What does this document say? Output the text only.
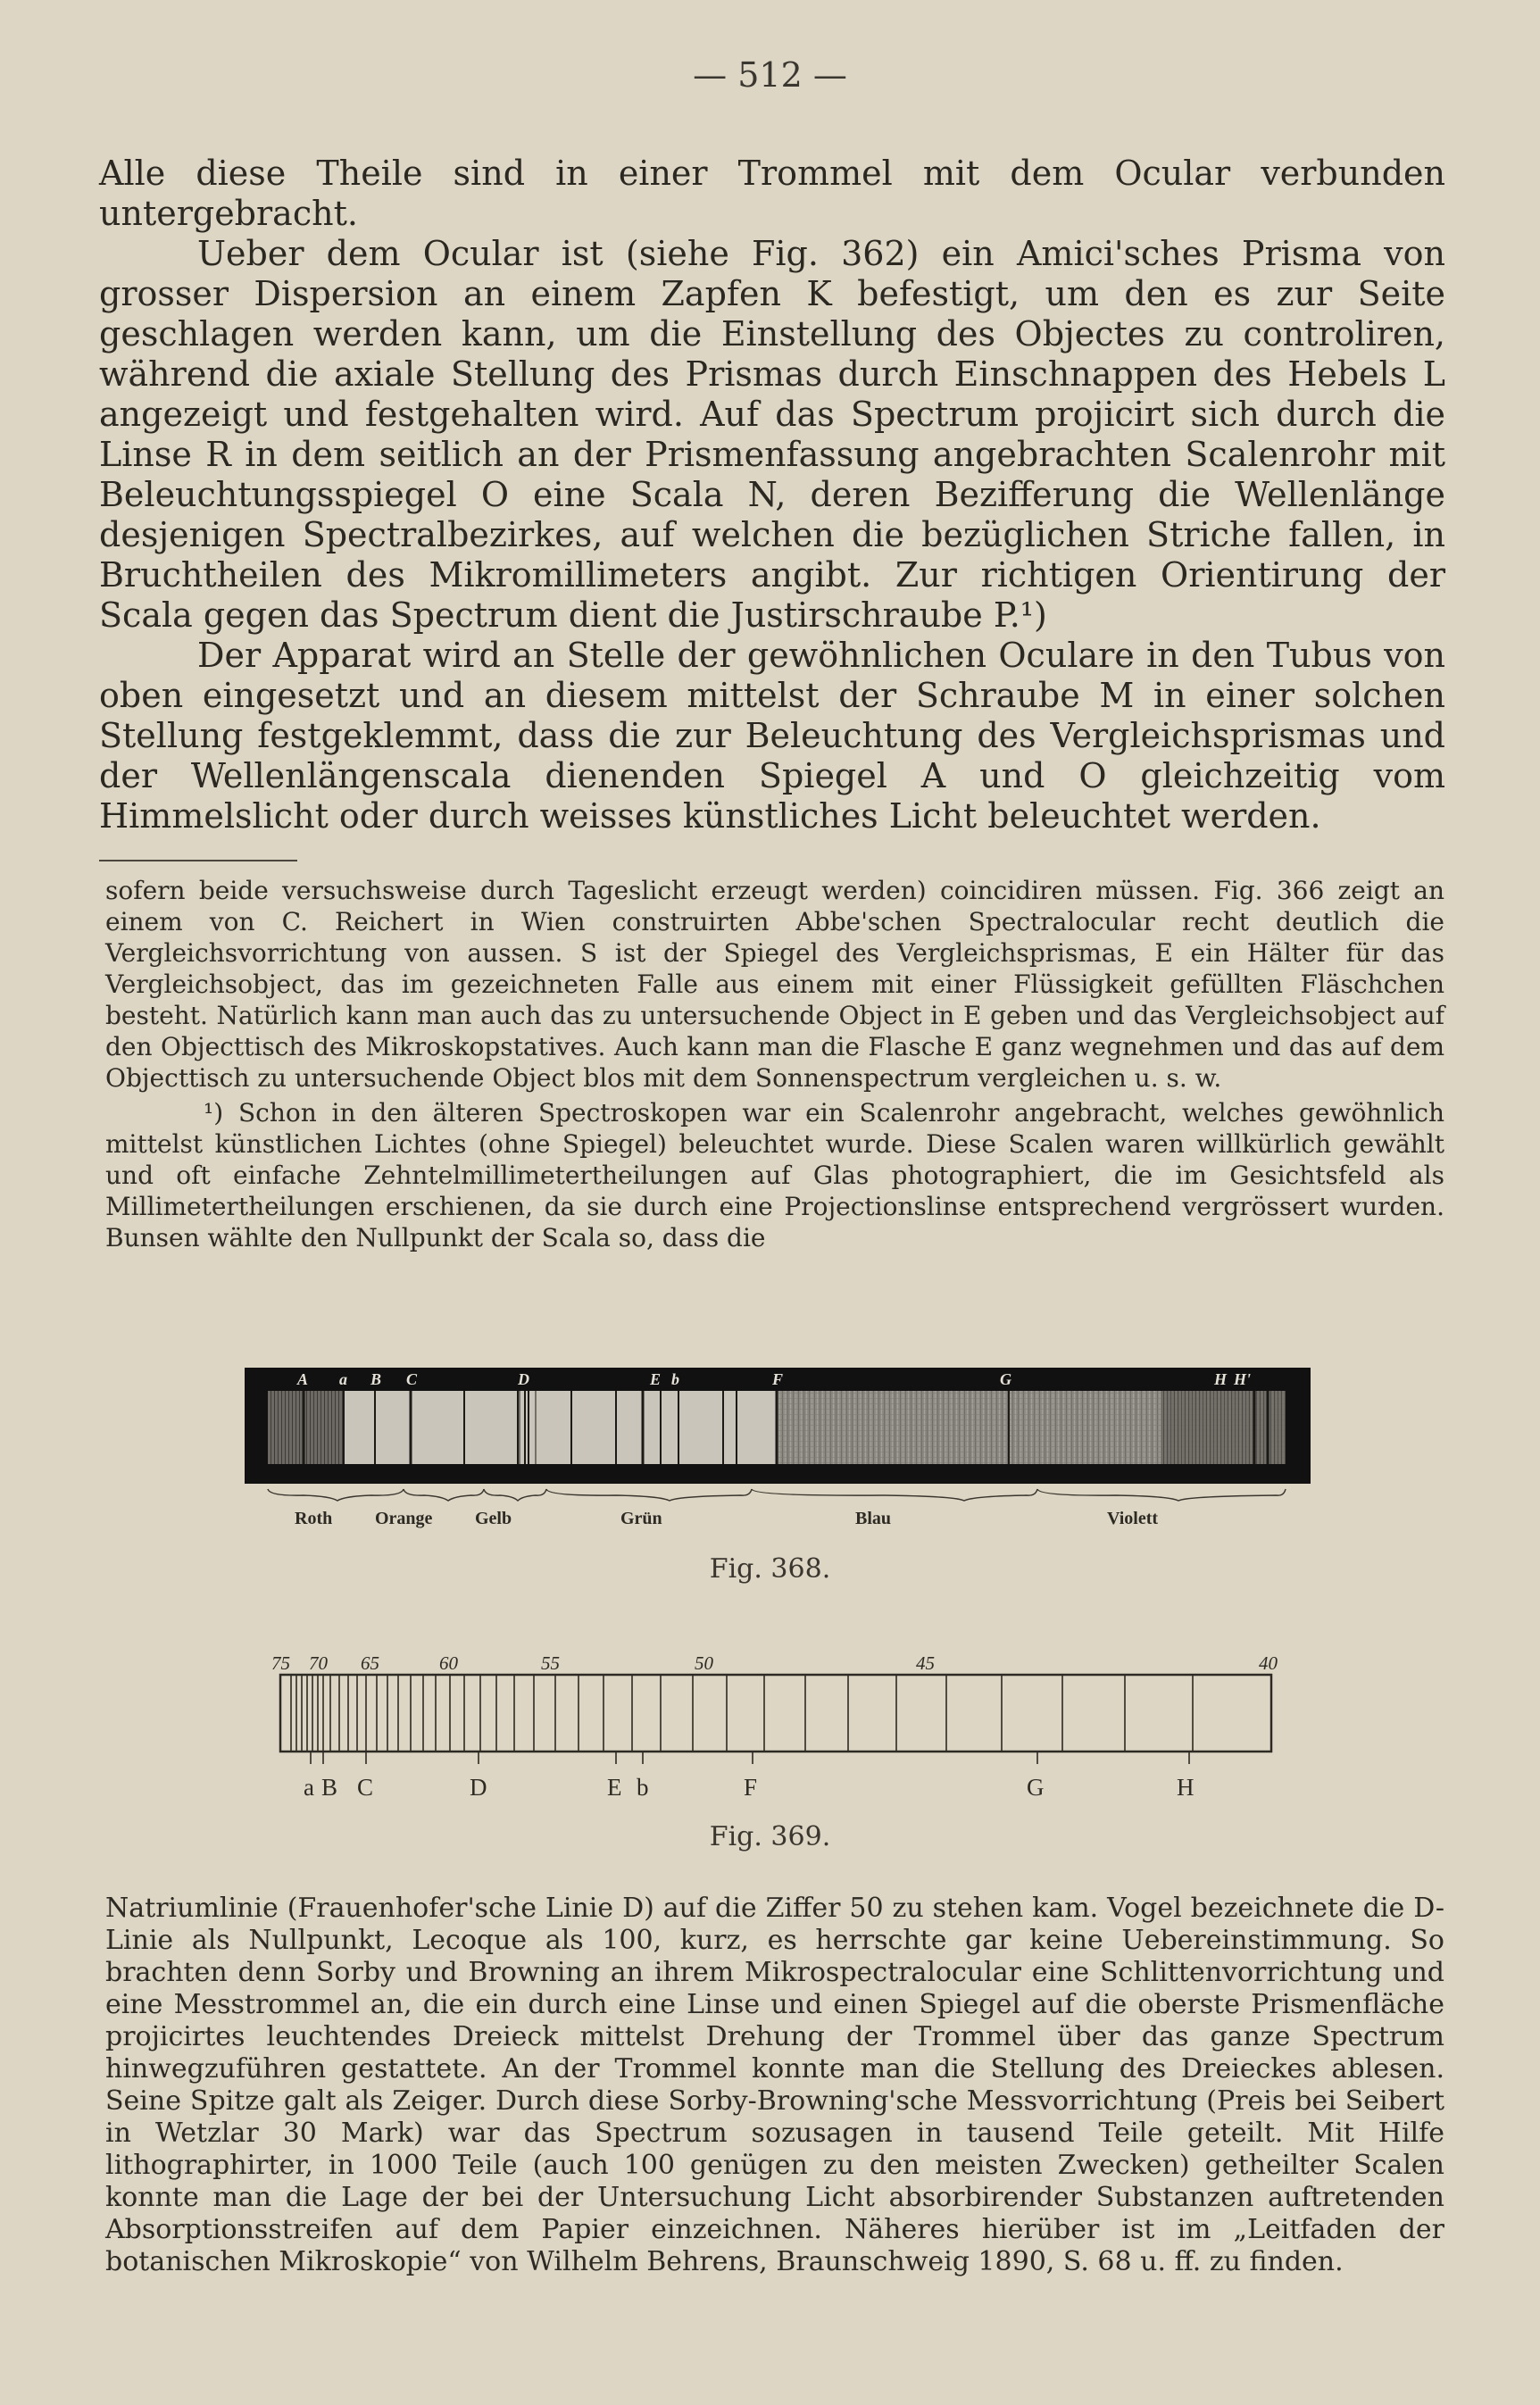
— 512 —

Alle diese Theile sind in einer Trommel mit dem Ocular verbunden untergebracht.

Ueber dem Ocular ist (siehe Fig. 362) ein Amici'sches Prisma von grosser Dispersion an einem Zapfen K befestigt, um den es zur Seite geschlagen werden kann, um die Einstellung des Objectes zu controliren, während die axiale Stellung des Prismas durch Einschnappen des Hebels L angezeigt und festgehalten wird. Auf das Spectrum projicirt sich durch die Linse R in dem seitlich an der Prismenfassung angebrachten Scalenrohr mit Beleuchtungsspiegel O eine Scala N, deren Bezifferung die Wellenlänge desjenigen Spectralbezirkes, auf welchen die bezüglichen Striche fallen, in Bruchtheilen des Mikromillimeters angibt. Zur richtigen Orientirung der Scala gegen das Spectrum dient die Justirschraube P.¹)

Der Apparat wird an Stelle der gewöhnlichen Oculare in den Tubus von oben eingesetzt und an diesem mittelst der Schraube M in einer solchen Stellung festgeklemmt, dass die zur Beleuchtung des Vergleichsprismas und der Wellenlängenscala dienenden Spiegel A und O gleichzeitig vom Himmelslicht oder durch weisses künstliches Licht beleuchtet werden.

sofern beide versuchsweise durch Tageslicht erzeugt werden) coincidiren müssen. Fig. 366 zeigt an einem von C. Reichert in Wien construirten Abbe'schen Spectralocular recht deutlich die Vergleichsvorrichtung von aussen. S ist der Spiegel des Vergleichsprismas, E ein Hälter für das Vergleichsobject, das im gezeichneten Falle aus einem mit einer Flüssigkeit gefüllten Fläschchen besteht. Natürlich kann man auch das zu untersuchende Object in E geben und das Vergleichsobject auf den Objecttisch des Mikroskopstatives. Auch kann man die Flasche E ganz wegnehmen und das auf dem Objecttisch zu untersuchende Object blos mit dem Sonnenspectrum vergleichen u. s. w.

¹) Schon in den älteren Spectroskopen war ein Scalenrohr angebracht, welches gewöhnlich mittelst künstlichen Lichtes (ohne Spiegel) beleuchtet wurde. Diese Scalen waren willkürlich gewählt und oft einfache Zehntelmillimetertheilungen auf Glas photographiert, die im Gesichtsfeld als Millimetertheilungen erschienen, da sie durch eine Projectionslinse entsprechend vergrössert wurden. Bunsen wählte den Nullpunkt der Scala so, dass die

A a B C	D	E b	F	G	H H'
Roth Orange Gelb	Grün	Blau	Violett
Fig. 368.
75 70 65	60	55	50	45	40
a B C	D	E b	F	G	H
Fig. 369.

Natriumlinie (Frauenhofer'sche Linie D) auf die Ziffer 50 zu stehen kam. Vogel bezeichnete die D-Linie als Nullpunkt, Lecoque als 100, kurz, es herrschte gar keine Uebereinstimmung. So brachten denn Sorby und Browning an ihrem Mikrospectralocular eine Schlittenvorrichtung und eine Messtrommel an, die ein durch eine Linse und einen Spiegel auf die oberste Prismenfläche projicirtes leuchtendes Dreieck mittelst Drehung der Trommel über das ganze Spectrum hinwegzuführen gestattete. An der Trommel konnte man die Stellung des Dreieckes ablesen. Seine Spitze galt als Zeiger. Durch diese Sorby-Browning'sche Messvorrichtung (Preis bei Seibert in Wetzlar 30 Mark) war das Spectrum sozusagen in tausend Teile geteilt. Mit Hilfe lithographirter, in 1000 Teile (auch 100 genügen zu den meisten Zwecken) getheilter Scalen konnte man die Lage der bei der Untersuchung Licht absorbirender Substanzen auftretenden Absorptionsstreifen auf dem Papier einzeichnen. Näheres hierüber ist im „Leitfaden der botanischen Mikroskopie“ von Wilhelm Behrens, Braunschweig 1890, S. 68 u. ff. zu finden.
